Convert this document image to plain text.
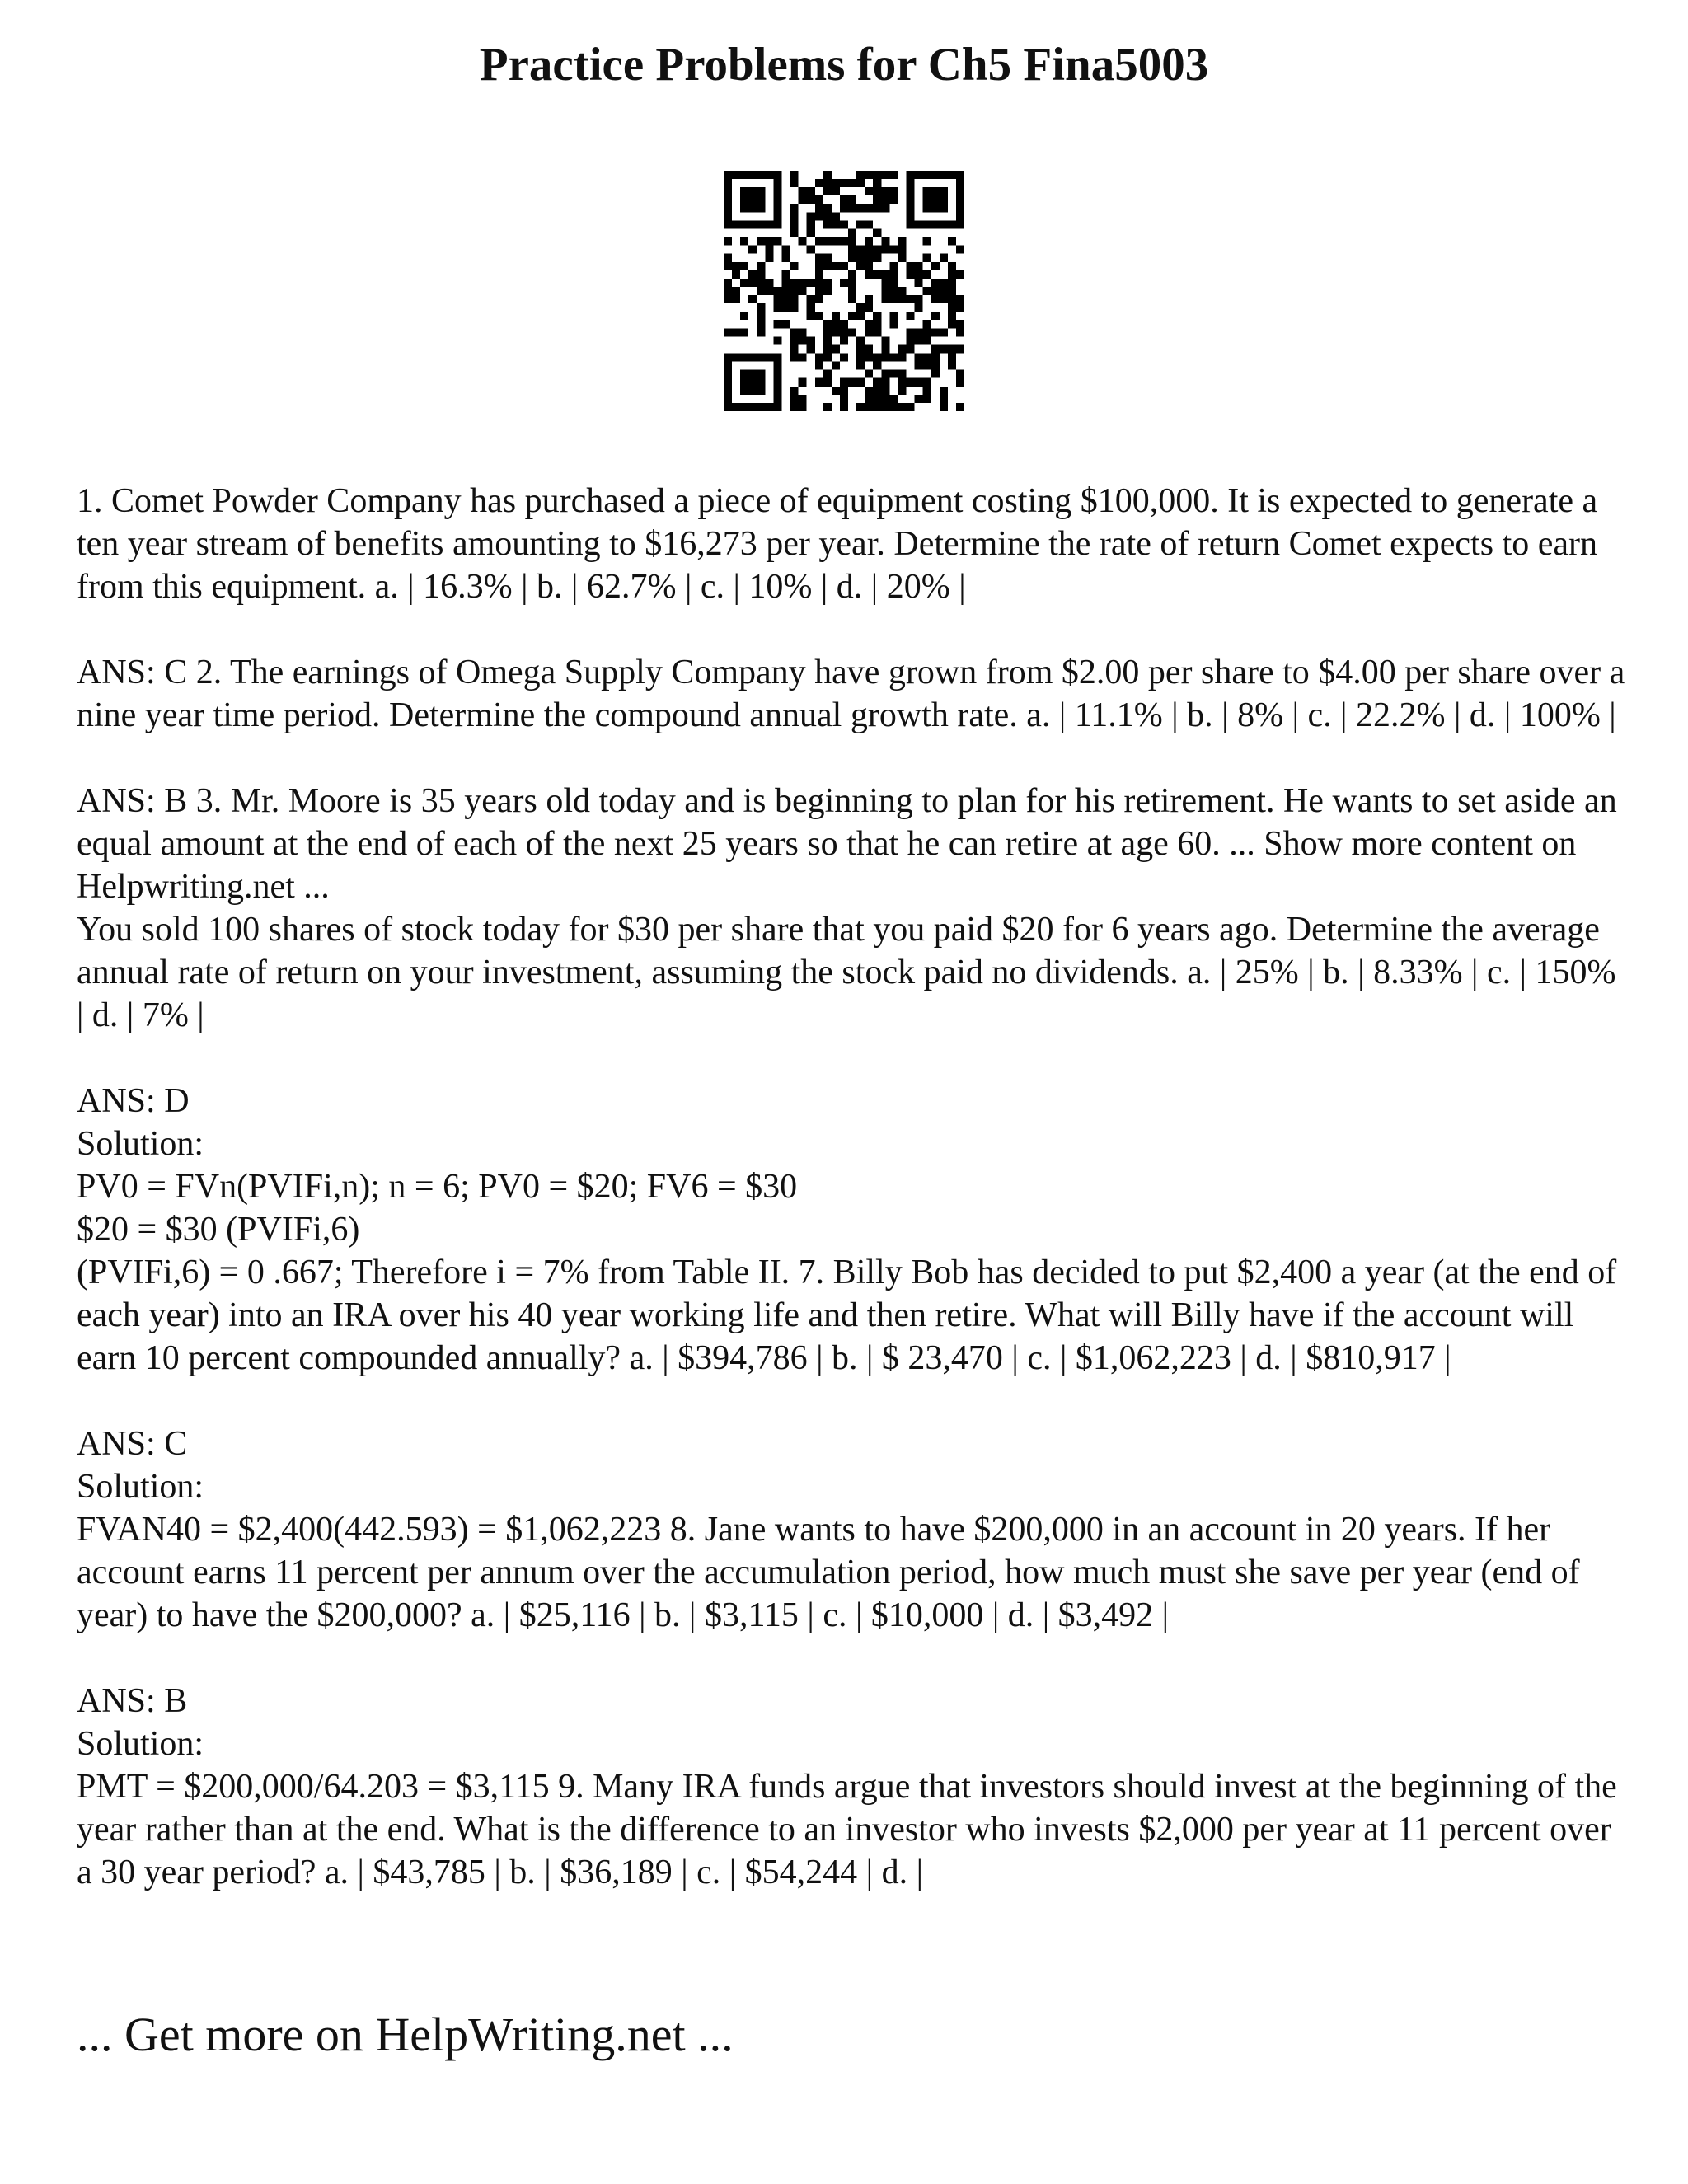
Practice Problems for Ch5 Fina5003

1. Comet Powder Company has purchased a piece of equipment costing $100,000. It is expected to generate a ten year stream of benefits amounting to $16,273 per year. Determine the rate of return Comet expects to earn from this equipment. a. | 16.3% | b. | 62.7% | c. | 10% | d. | 20% |

ANS: C 2. The earnings of Omega Supply Company have grown from $2.00 per share to $4.00 per share over a nine year time period. Determine the compound annual growth rate. a. | 11.1% | b. | 8% | c. | 22.2% | d. | 100% |

ANS: B 3. Mr. Moore is 35 years old today and is beginning to plan for his retirement. He wants to set aside an equal amount at the end of each of the next 25 years so that he can retire at age 60. ... Show more content on Helpwriting.net ...

You sold 100 shares of stock today for $30 per share that you paid $20 for 6 years ago. Determine the average annual rate of return on your investment, assuming the stock paid no dividends. a. | 25% | b. | 8.33% | c. | 150% | d. | 7% |

ANS: D
Solution:
PV0 = FVn(PVIFi,n); n = 6; PV0 = $20; FV6 = $30
$20 = $30 (PVIFi,6)
(PVIFi,6) = 0 .667; Therefore i = 7% from Table II. 7. Billy Bob has decided to put $2,400 a year (at the end of each year) into an IRA over his 40 year working life and then retire. What will Billy have if the account will earn 10 percent compounded annually? a. | $394,786 | b. | $ 23,470 | c. | $1,062,223 | d. | $810,917 |
ANS: C
Solution:
FVAN40 = $2,400(442.593) = $1,062,223 8. Jane wants to have $200,000 in an account in 20 years. If her account earns 11 percent per annum over the accumulation period, how much must she save per year (end of year) to have the $200,000? a. | $25,116 | b. | $3,115 | c. | $10,000 | d. | $3,492 |
ANS: B
Solution:
PMT = $200,000/64.203 = $3,115 9. Many IRA funds argue that investors should invest at the beginning of the year rather than at the end. What is the difference to an investor who invests $2,000 per year at 11 percent over a 30 year period? a. | $43,785 | b. | $36,189 | c. | $54,244 | d. |

... Get more on HelpWriting.net ...
